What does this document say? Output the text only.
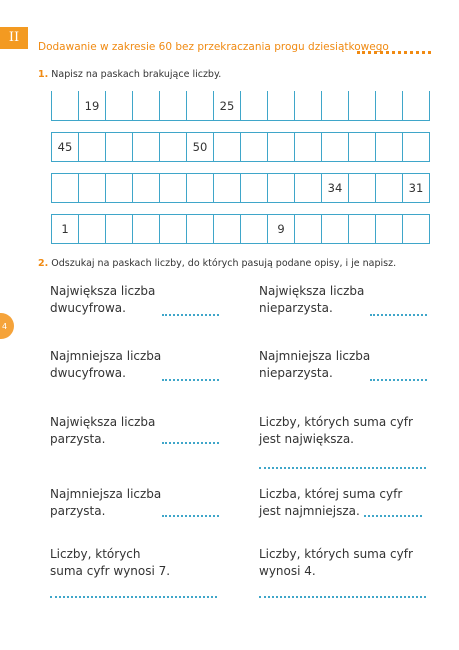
II
Dodawanie w zakresie 60 bez przekraczania progu dziesiątkowego
1. Napisz na paskach brakujące liczby.
19	25
45	50
34	31
1	9
2. Odszukaj na paskach liczby, do których pasują podane opisy, i je napisz.
4
Największa liczba
dwucyfrowa.
Najmniejsza liczba
dwucyfrowa.
Największa liczba
parzysta.
Najmniejsza liczba
parzysta.
Liczby, których
suma cyfr wynosi 7.
Największa liczba
nieparzysta.
Najmniejsza liczba
nieparzysta.
Liczby, których suma cyfr
jest największa.
Liczba, której suma cyfr
jest najmniejsza.
Liczby, których suma cyfr
wynosi 4.
